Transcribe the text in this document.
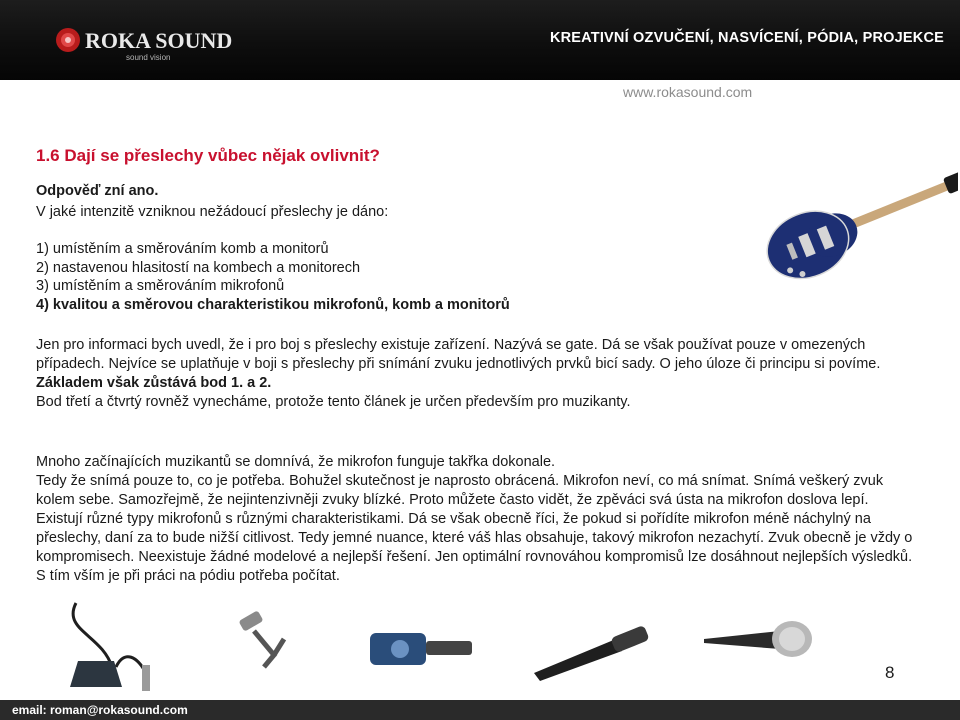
ROKA SOUND
sound vision
KREATIVNÍ OZVUČENÍ, NASVÍCENÍ, PÓDIA, PROJEKCE
www.rokasound.com
1.6 Dají se přeslechy vůbec nějak ovlivnit?
Odpověď zní ano.
V jaké intenzitě vzniknou nežádoucí přeslechy je dáno:
1) umístěním a směrováním komb a monitorů
2) nastavenou hlasitostí na kombech a monitorech
3) umístěním a směrováním mikrofonů
4) kvalitou a směrovou charakteristikou mikrofonů, komb a monitorů
Jen pro informaci bych uvedl, že i pro boj s přeslechy existuje zařízení. Nazývá se gate. Dá se však používat pouze v omezených případech. Nejvíce se uplatňuje v boji s přeslechy při snímání zvuku jednotlivých prvků bicí sady. O jeho úloze či principu si povíme. Základem však zůstává bod 1. a 2.
Bod třetí a čtvrtý rovněž vynecháme, protože tento článek je určen především pro muzikanty.
Mnoho začínajících muzikantů se domnívá, že mikrofon funguje takřka dokonale.
Tedy že snímá pouze to, co je potřeba. Bohužel skutečnost je naprosto obrácená. Mikrofon neví, co má snímat. Snímá veškerý zvuk kolem sebe. Samozřejmě, že nejintenzivněji zvuky blízké. Proto můžete často vidět, že zpěváci svá ústa na mikrofon doslova lepí. Existují různé typy mikrofonů s různými charakteristikami. Dá se však obecně říci, že pokud si pořídíte mikrofon méně náchylný na přeslechy, daní za to bude nižší citlivost. Tedy jemné nuance, které váš hlas obsahuje, takový mikrofon nezachytí. Zvuk obecně je vždy o kompromisech. Neexistuje žádné modelové a nejlepší řešení. Jen optimální rovnováhou kompromisů lze dosáhnout nejlepších výsledků. S tím vším je při práci na pódiu potřeba počítat.
8
email: roman@rokasound.com
